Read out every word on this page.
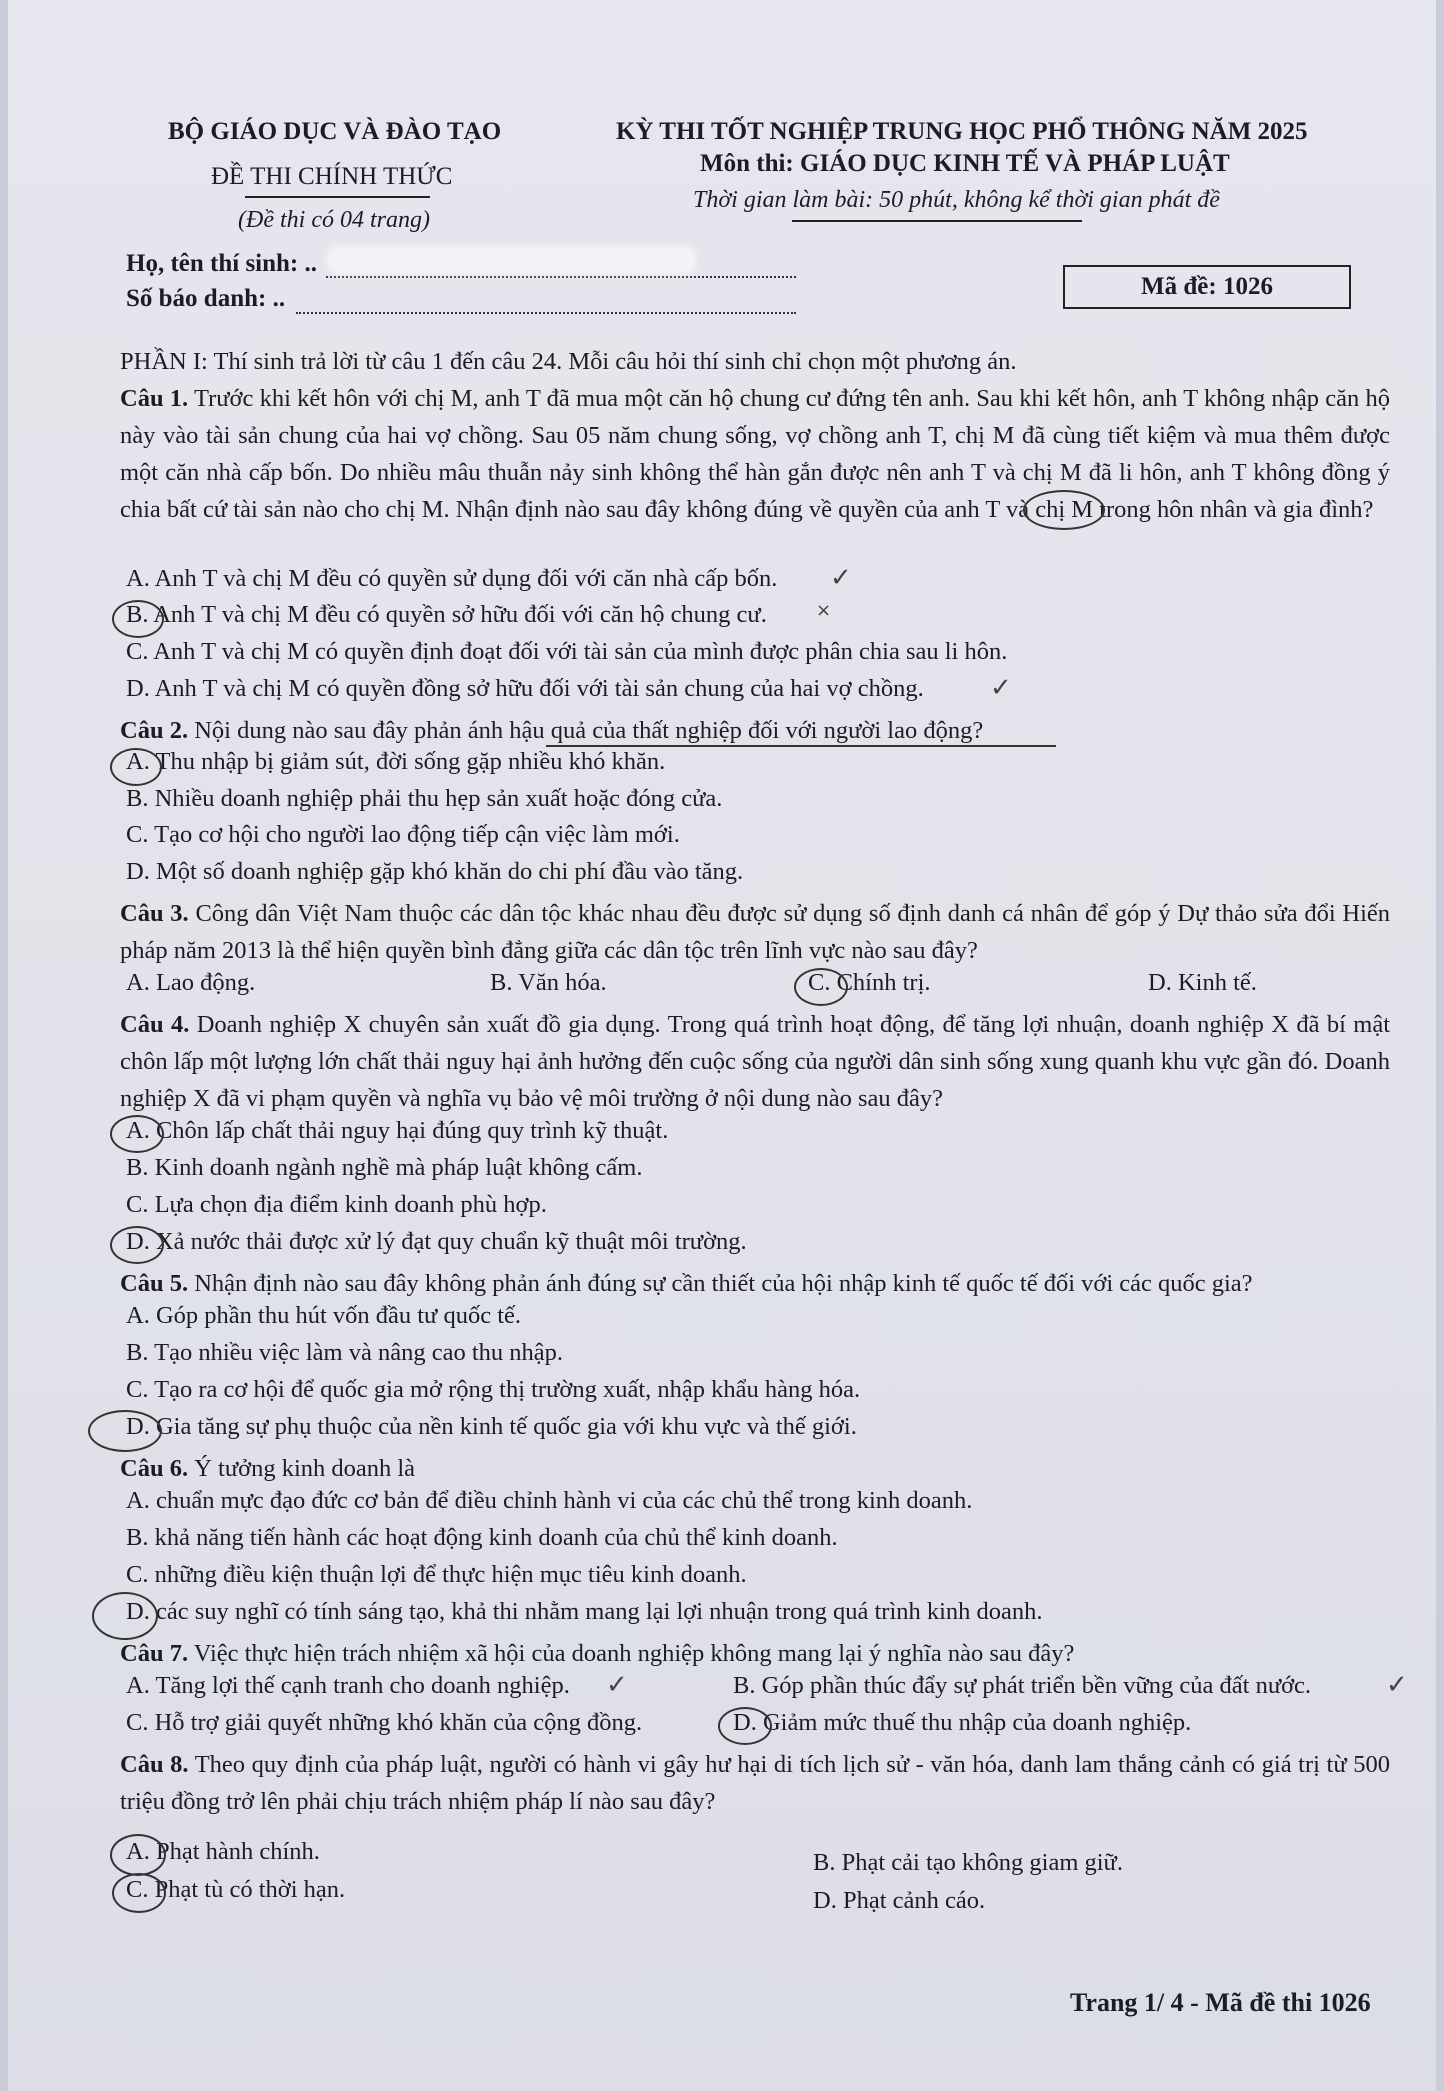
BỘ GIÁO DỤC VÀ ĐÀO TẠO
ĐỀ THI CHÍNH THỨC
(Đề thi có 04 trang)
KỲ THI TỐT NGHIỆP TRUNG HỌC PHỔ THÔNG NĂM 2025
Môn thi: GIÁO DỤC KINH TẾ VÀ PHÁP LUẬT
Thời gian làm bài: 50 phút, không kể thời gian phát đề
Họ, tên thí sinh: ..
Số báo danh: ..	Mã đề: 1026
PHẦN I: Thí sinh trả lời từ câu 1 đến câu 24. Mỗi câu hỏi thí sinh chỉ chọn một phương án.
Câu 1. Trước khi kết hôn với chị M, anh T đã mua một căn hộ chung cư đứng tên anh. Sau khi kết hôn, anh T không nhập căn hộ này vào tài sản chung của hai vợ chồng. Sau 05 năm chung sống, vợ chồng anh T, chị M đã cùng tiết kiệm và mua thêm được một căn nhà cấp bốn. Do nhiều mâu thuẫn nảy sinh không thể hàn gắn được nên anh T và chị M đã li hôn, anh T không đồng ý chia bất cứ tài sản nào cho chị M. Nhận định nào sau đây không đúng về quyền của anh T và chị M trong hôn nhân và gia đình?
A. Anh T và chị M đều có quyền sử dụng đối với căn nhà cấp bốn.
B. Anh T và chị M đều có quyền sở hữu đối với căn hộ chung cư.
C. Anh T và chị M có quyền định đoạt đối với tài sản của mình được phân chia sau li hôn.
D. Anh T và chị M có quyền đồng sở hữu đối với tài sản chung của hai vợ chồng.
✓
×
✓
Câu 2. Nội dung nào sau đây phản ánh hậu quả của thất nghiệp đối với người lao động?
A. Thu nhập bị giảm sút, đời sống gặp nhiều khó khăn.
B. Nhiều doanh nghiệp phải thu hẹp sản xuất hoặc đóng cửa.
C. Tạo cơ hội cho người lao động tiếp cận việc làm mới.
D. Một số doanh nghiệp gặp khó khăn do chi phí đầu vào tăng.
Câu 3. Công dân Việt Nam thuộc các dân tộc khác nhau đều được sử dụng số định danh cá nhân để góp ý Dự thảo sửa đổi Hiến pháp năm 2013 là thể hiện quyền bình đẳng giữa các dân tộc trên lĩnh vực nào sau đây?
A. Lao động.	B. Văn hóa.	C. Chính trị.	D. Kinh tế.
Câu 4. Doanh nghiệp X chuyên sản xuất đồ gia dụng. Trong quá trình hoạt động, để tăng lợi nhuận, doanh nghiệp X đã bí mật chôn lấp một lượng lớn chất thải nguy hại ảnh hưởng đến cuộc sống của người dân sinh sống xung quanh khu vực gần đó. Doanh nghiệp X đã vi phạm quyền và nghĩa vụ bảo vệ môi trường ở nội dung nào sau đây?
A. Chôn lấp chất thải nguy hại đúng quy trình kỹ thuật.
B. Kinh doanh ngành nghề mà pháp luật không cấm.
C. Lựa chọn địa điểm kinh doanh phù hợp.
D. Xả nước thải được xử lý đạt quy chuẩn kỹ thuật môi trường.
Câu 5. Nhận định nào sau đây không phản ánh đúng sự cần thiết của hội nhập kinh tế quốc tế đối với các quốc gia?
A. Góp phần thu hút vốn đầu tư quốc tế.
B. Tạo nhiều việc làm và nâng cao thu nhập.
C. Tạo ra cơ hội để quốc gia mở rộng thị trường xuất, nhập khẩu hàng hóa.
D. Gia tăng sự phụ thuộc của nền kinh tế quốc gia với khu vực và thế giới.
Câu 6. Ý tưởng kinh doanh là
A. chuẩn mực đạo đức cơ bản để điều chỉnh hành vi của các chủ thể trong kinh doanh.
B. khả năng tiến hành các hoạt động kinh doanh của chủ thể kinh doanh.
C. những điều kiện thuận lợi để thực hiện mục tiêu kinh doanh.
D. các suy nghĩ có tính sáng tạo, khả thi nhằm mang lại lợi nhuận trong quá trình kinh doanh.
Câu 7. Việc thực hiện trách nhiệm xã hội của doanh nghiệp không mang lại ý nghĩa nào sau đây?
A. Tăng lợi thế cạnh tranh cho doanh nghiệp.	B. Góp phần thúc đẩy sự phát triển bền vững của đất nước.
C. Hỗ trợ giải quyết những khó khăn của cộng đồng.	D. Giảm mức thuế thu nhập của doanh nghiệp.
✓	✓
Câu 8. Theo quy định của pháp luật, người có hành vi gây hư hại di tích lịch sử - văn hóa, danh lam thắng cảnh có giá trị từ 500 triệu đồng trở lên phải chịu trách nhiệm pháp lí nào sau đây?
A. Phạt hành chính.	B. Phạt cải tạo không giam giữ.
C. Phạt tù có thời hạn.	D. Phạt cảnh cáo.
Trang 1/ 4 - Mã đề thi 1026
